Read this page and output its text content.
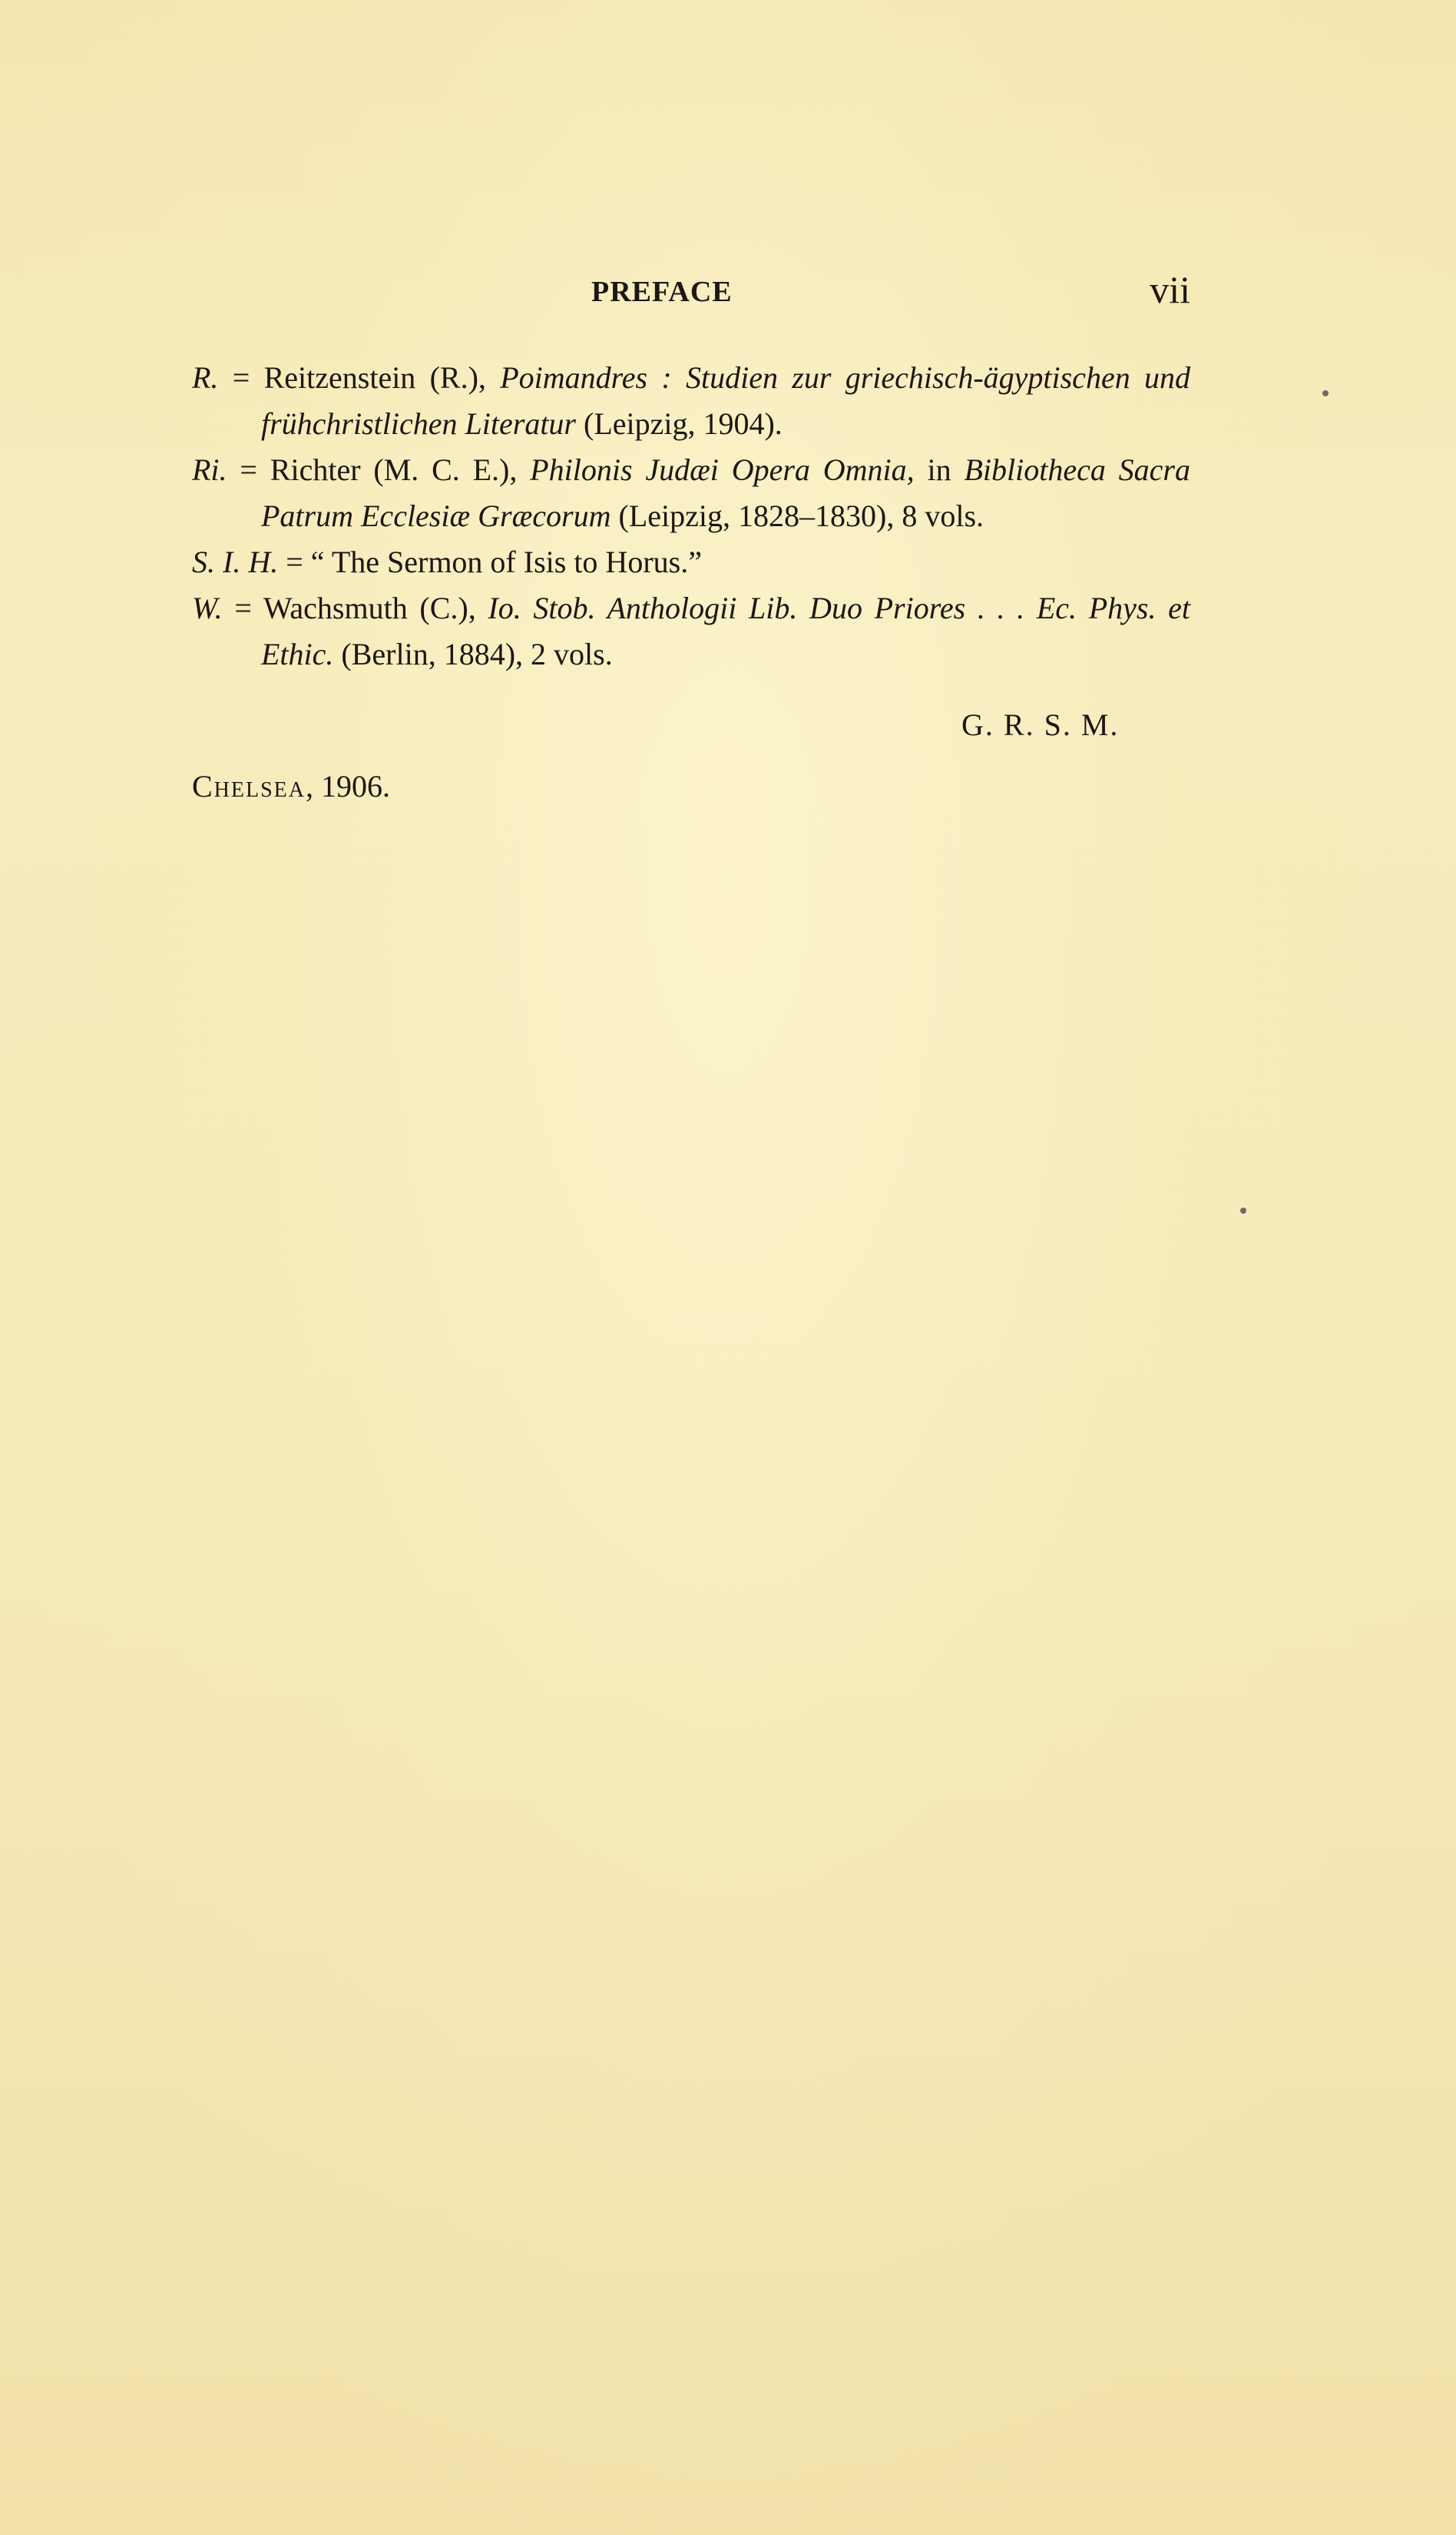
PREFACE	vii
R. = Reitzenstein (R.), Poimandres : Studien zur griechisch-ägyptischen und frühchristlichen Literatur (Leipzig, 1904).
Ri. = Richter (M. C. E.), Philonis Judæi Opera Omnia, in Bibliotheca Sacra Patrum Ecclesiæ Græcorum (Leipzig, 1828–1830), 8 vols.
S. I. H. = “ The Sermon of Isis to Horus.”
W. = Wachsmuth (C.), Io. Stob. Anthologii Lib. Duo Priores . . . Ec. Phys. et Ethic. (Berlin, 1884), 2 vols.
G. R. S. M.
Chelsea, 1906.
